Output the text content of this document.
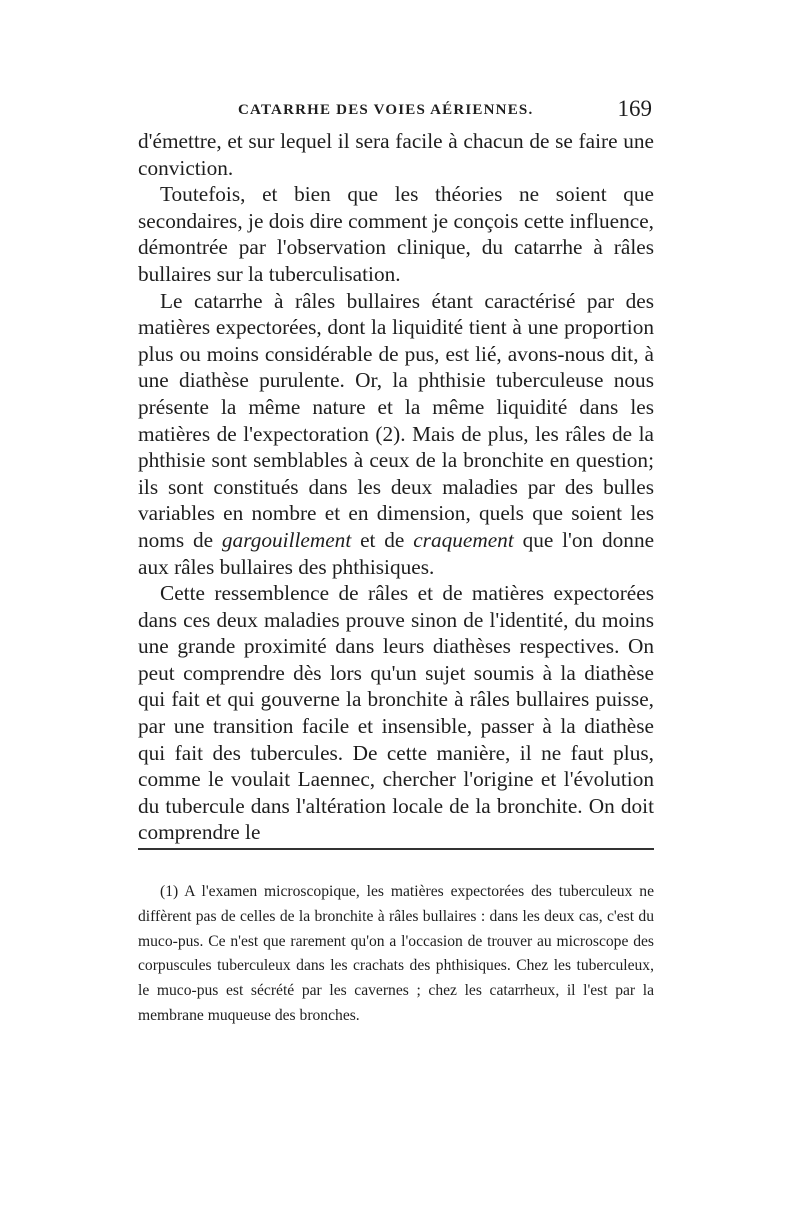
CATARRHE DES VOIES AÉRIENNES.	169

d'émettre, et sur lequel il sera facile à chacun de se faire une conviction.

Toutefois, et bien que les théories ne soient que secondaires, je dois dire comment je conçois cette influence, démontrée par l'observation clinique, du catarrhe à râles bullaires sur la tuberculisation.

Le catarrhe à râles bullaires étant caractérisé par des matières expectorées, dont la liquidité tient à une proportion plus ou moins considérable de pus, est lié, avons-nous dit, à une diathèse purulente. Or, la phthisie tuberculeuse nous présente la même nature et la même liquidité dans les matières de l'expectoration (2). Mais de plus, les râles de la phthisie sont semblables à ceux de la bronchite en question; ils sont constitués dans les deux maladies par des bulles variables en nombre et en dimension, quels que soient les noms de gargouillement et de craquement que l'on donne aux râles bullaires des phthisiques.

Cette ressemblence de râles et de matières expectorées dans ces deux maladies prouve sinon de l'identité, du moins une grande proximité dans leurs diathèses respectives. On peut comprendre dès lors qu'un sujet soumis à la diathèse qui fait et qui gouverne la bronchite à râles bullaires puisse, par une transition facile et insensible, passer à la diathèse qui fait des tubercules. De cette manière, il ne faut plus, comme le voulait Laennec, chercher l'origine et l'évolution du tubercule dans l'altération locale de la bronchite. On doit comprendre le

(1) A l'examen microscopique, les matières expectorées des tuberculeux ne diffèrent pas de celles de la bronchite à râles bullaires : dans les deux cas, c'est du muco-pus. Ce n'est que rarement qu'on a l'occasion de trouver au microscope des corpuscules tuberculeux dans les crachats des phthisiques. Chez les tuberculeux, le muco-pus est sécrété par les cavernes ; chez les catarrheux, il l'est par la membrane muqueuse des bronches.
